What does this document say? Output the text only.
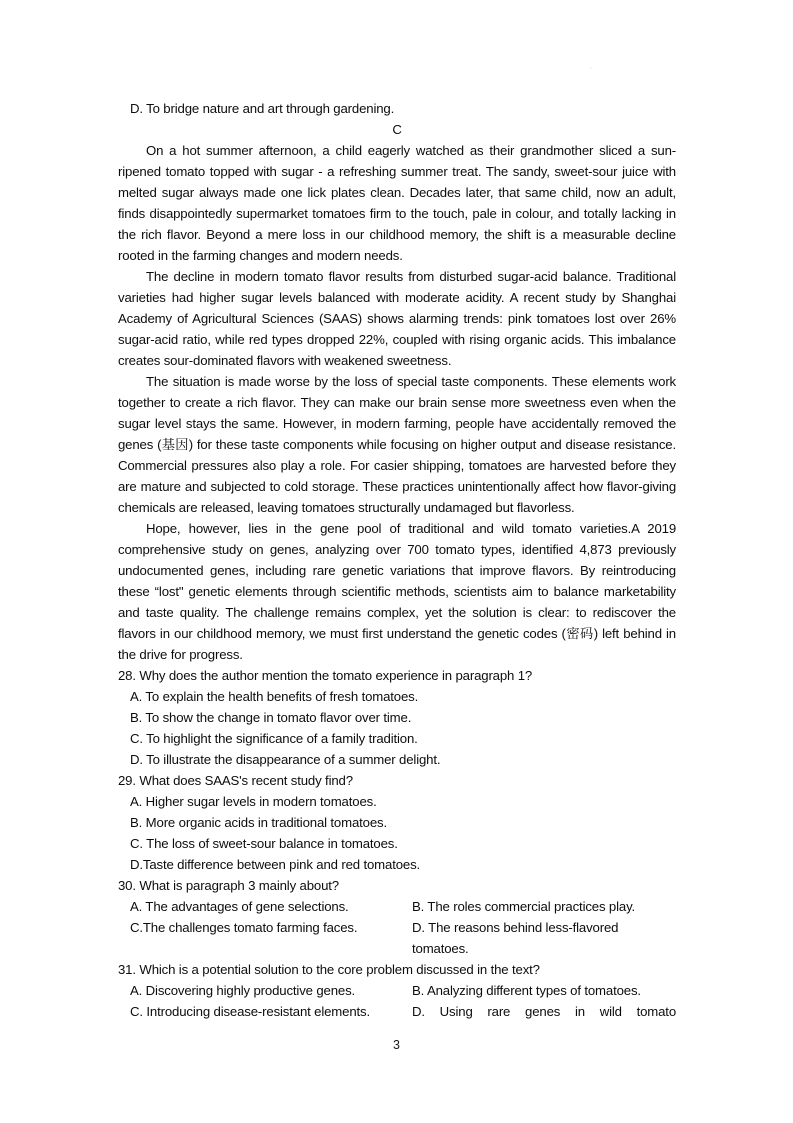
D. To bridge nature and art through gardening.

C

On a hot summer afternoon, a child eagerly watched as their grandmother sliced a sun-ripened tomato topped with sugar - a refreshing summer treat. The sandy, sweet-sour juice with melted sugar always made one lick plates clean. Decades later, that same child, now an adult, finds disappointedly supermarket tomatoes firm to the touch, pale in colour, and totally lacking in the rich flavor. Beyond a mere loss in our childhood memory, the shift is a measurable decline rooted in the farming changes and modern needs.

The decline in modern tomato flavor results from disturbed sugar-acid balance. Traditional varieties had higher sugar levels balanced with moderate acidity. A recent study by Shanghai Academy of Agricultural Sciences (SAAS) shows alarming trends: pink tomatoes lost over 26% sugar-acid ratio, while red types dropped 22%, coupled with rising organic acids. This imbalance creates sour-dominated flavors with weakened sweetness.

The situation is made worse by the loss of special taste components. These elements work together to create a rich flavor. They can make our brain sense more sweetness even when the sugar level stays the same. However, in modern farming, people have accidentally removed the genes (基因) for these taste components while focusing on higher output and disease resistance. Commercial pressures also play a role. For casier shipping, tomatoes are harvested before they are mature and subjected to cold storage. These practices unintentionally affect how flavor-giving chemicals are released, leaving tomatoes structurally undamaged but flavorless.

Hope, however, lies in the gene pool of traditional and wild tomato varieties.A 2019 comprehensive study on genes, analyzing over 700 tomato types, identified 4,873 previously undocumented genes, including rare genetic variations that improve flavors. By reintroducing these “lost" genetic elements through scientific methods, scientists aim to balance marketability and taste quality. The challenge remains complex, yet the solution is clear: to rediscover the flavors in our childhood memory, we must first understand the genetic codes (密码) left behind in the drive for progress.

28. Why does the author mention the tomato experience in paragraph 1?

A. To explain the health benefits of fresh tomatoes.

B. To show the change in tomato flavor over time.

C. To highlight the significance of a family tradition.

D. To illustrate the disappearance of a summer delight.

29. What does SAAS's recent study find?

A. Higher sugar levels in modern tomatoes.

B. More organic acids in traditional tomatoes.

C. The loss of sweet-sour balance in tomatoes.

D.Taste difference between pink and red tomatoes.

30. What is paragraph 3 mainly about?

A. The advantages of gene selections.	B. The roles commercial practices play.
C.The challenges tomato farming faces.	D. The reasons behind less-flavored tomatoes.

31. Which is a potential solution to the core problem discussed in the text?

A. Discovering highly productive genes.	B. Analyzing different types of tomatoes.
C. Introducing disease-resistant elements.	D. Using rare genes in wild tomato
3
